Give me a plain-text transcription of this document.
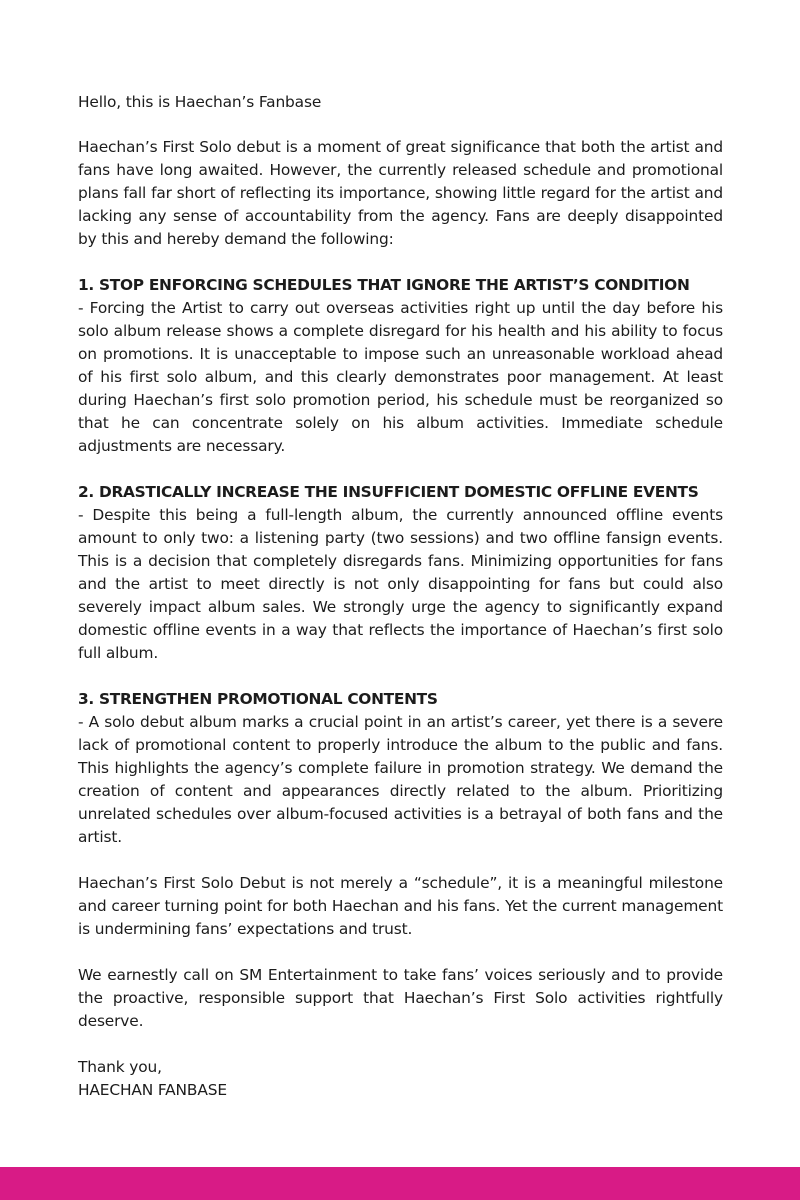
Hello, this is Haechan’s Fanbase

Haechan’s First Solo debut is a moment of great significance that both the artist and fans have long awaited. However, the currently released schedule and promotional plans fall far short of reflecting its importance, showing little regard for the artist and lacking any sense of accountability from the agency. Fans are deeply disappointed by this and hereby demand the following:

1. STOP ENFORCING SCHEDULES THAT IGNORE THE ARTIST’S CONDITION

- Forcing the Artist to carry out overseas activities right up until the day before his solo album release shows a complete disregard for his health and his ability to focus on promotions. It is unacceptable to impose such an unreasonable workload ahead of his first solo album, and this clearly demonstrates poor management. At least during Haechan’s first solo promotion period, his schedule must be reorganized so that he can concentrate solely on his album activities. Immediate schedule adjustments are necessary.

2. DRASTICALLY INCREASE THE INSUFFICIENT DOMESTIC OFFLINE EVENTS

- Despite this being a full-length album, the currently announced offline events amount to only two: a listening party (two sessions) and two offline fansign events. This is a decision that completely disregards fans. Minimizing opportunities for fans and the artist to meet directly is not only disappointing for fans but could also severely impact album sales. We strongly urge the agency to significantly expand domestic offline events in a way that reflects the importance of Haechan’s first solo full album.

3. STRENGTHEN PROMOTIONAL CONTENTS

- A solo debut album marks a crucial point in an artist’s career, yet there is a severe lack of promotional content to properly introduce the album to the public and fans. This highlights the agency’s complete failure in promotion strategy. We demand the creation of content and appearances directly related to the album. Prioritizing unrelated schedules over album-focused activities is a betrayal of both fans and the artist.

Haechan’s First Solo Debut is not merely a “schedule”, it is a meaningful milestone and career turning point for both Haechan and his fans. Yet the current management is undermining fans’ expectations and trust.

We earnestly call on SM Entertainment to take fans’ voices seriously and to provide the proactive, responsible support that Haechan’s First Solo activities rightfully deserve.

Thank you,
HAECHAN FANBASE
